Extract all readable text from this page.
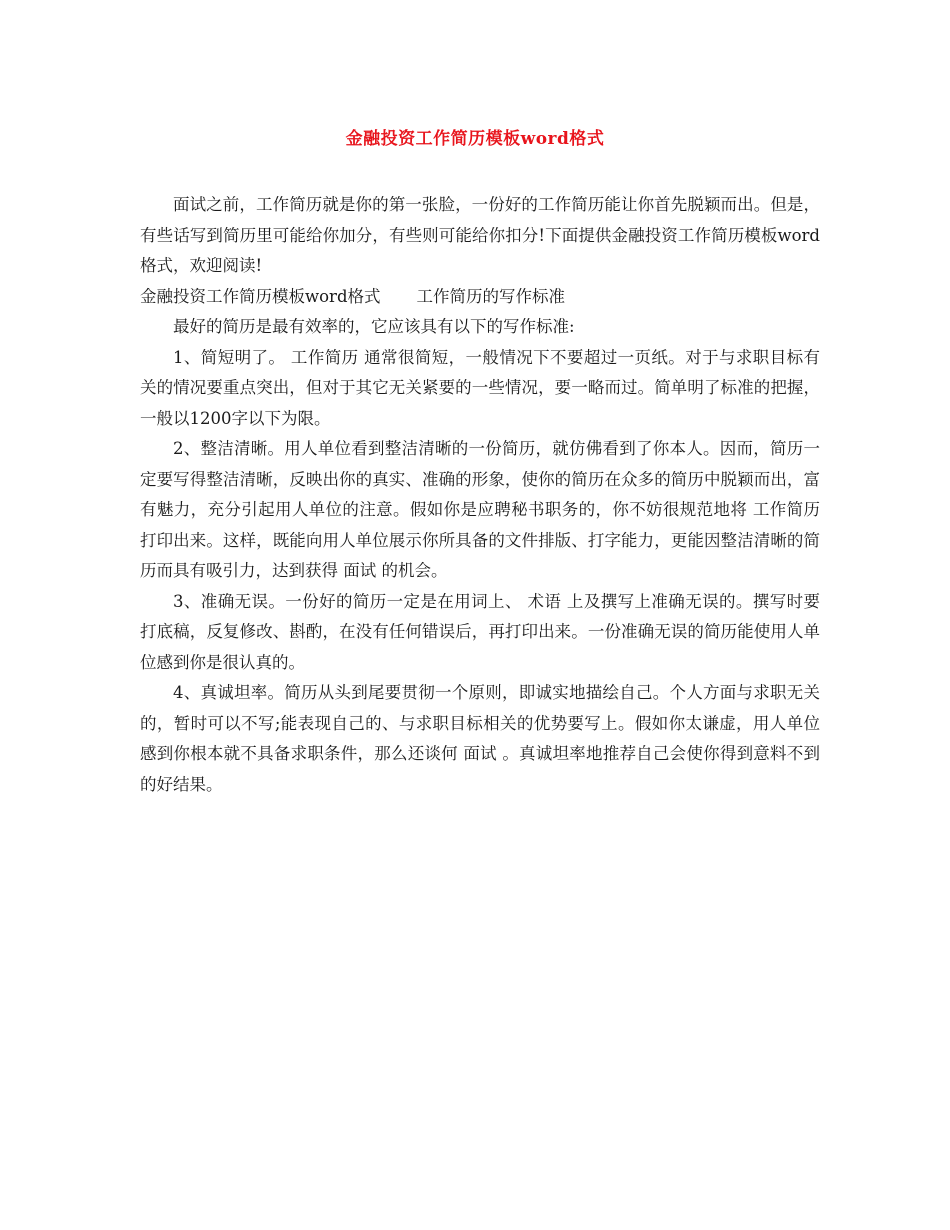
金融投资工作简历模板word格式

面试之前，工作简历就是你的第一张脸，一份好的工作简历能让你首先脱颖而出。但是，有些话写到简历里可能给你加分，有些则可能给你扣分!下面提供金融投资工作简历模板word格式，欢迎阅读!

金融投资工作简历模板word格式 工作简历的写作标准

最好的简历是最有效率的，它应该具有以下的写作标准:

1、简短明了。 工作简历 通常很简短，一般情况下不要超过一页纸。对于与求职目标有关的情况要重点突出，但对于其它无关紧要的一些情况，要一略而过。简单明了标准的把握，一般以1200字以下为限。

2、整洁清晰。用人单位看到整洁清晰的一份简历，就仿佛看到了你本人。因而，简历一定要写得整洁清晰，反映出你的真实、准确的形象，使你的简历在众多的简历中脱颖而出，富有魅力，充分引起用人单位的注意。假如你是应聘秘书职务的，你不妨很规范地将 工作简历 打印出来。这样，既能向用人单位展示你所具备的文件排版、打字能力，更能因整洁清晰的简历而具有吸引力，达到获得 面试 的机会。

3、准确无误。一份好的简历一定是在用词上、 术语 上及撰写上准确无误的。撰写时要打底稿，反复修改、斟酌，在没有任何错误后，再打印出来。一份准确无误的简历能使用人单位感到你是很认真的。

4、真诚坦率。简历从头到尾要贯彻一个原则，即诚实地描绘自己。个人方面与求职无关的，暂时可以不写;能表现自己的、与求职目标相关的优势要写上。假如你太谦虚，用人单位感到你根本就不具备求职条件，那么还谈何 面试 。真诚坦率地推荐自己会使你得到意料不到的好结果。
